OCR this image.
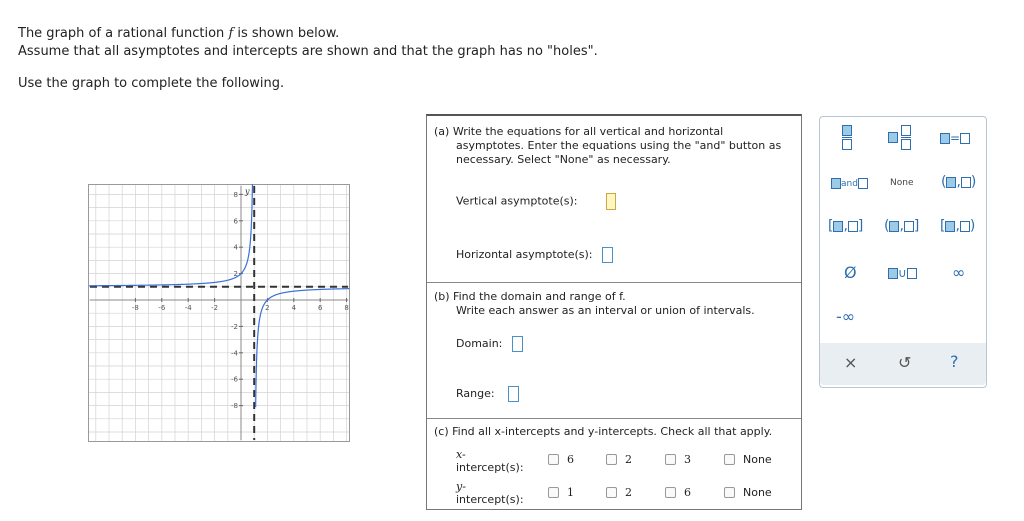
The graph of a rational function f is shown below.
Assume that all asymptotes and intercepts are shown and that the graph has no "holes".
Use the graph to complete the following.
-8	-6	-4	-2	2	4	6	8
8
6
4
2
-2
-4
-6
-8
y
(a) Write the equations for all vertical and horizontal
asymptotes. Enter the equations using the "and" button as
necessary. Select "None" as necessary.
Vertical asymptote(s):
Horizontal asymptote(s):
(b) Find the domain and range of f.
Write each answer as an interval or union of intervals.
Domain:
Range:
(c) Find all x-intercepts and y-intercepts. Check all that apply.
x-
intercept(s):
6	2	3	None
y-
intercept(s):
1	2	6	None
=
and	None ( , )
[ , ] ( , ] [ , )
Ø	∪	∞
-∞
×	↺ ?
